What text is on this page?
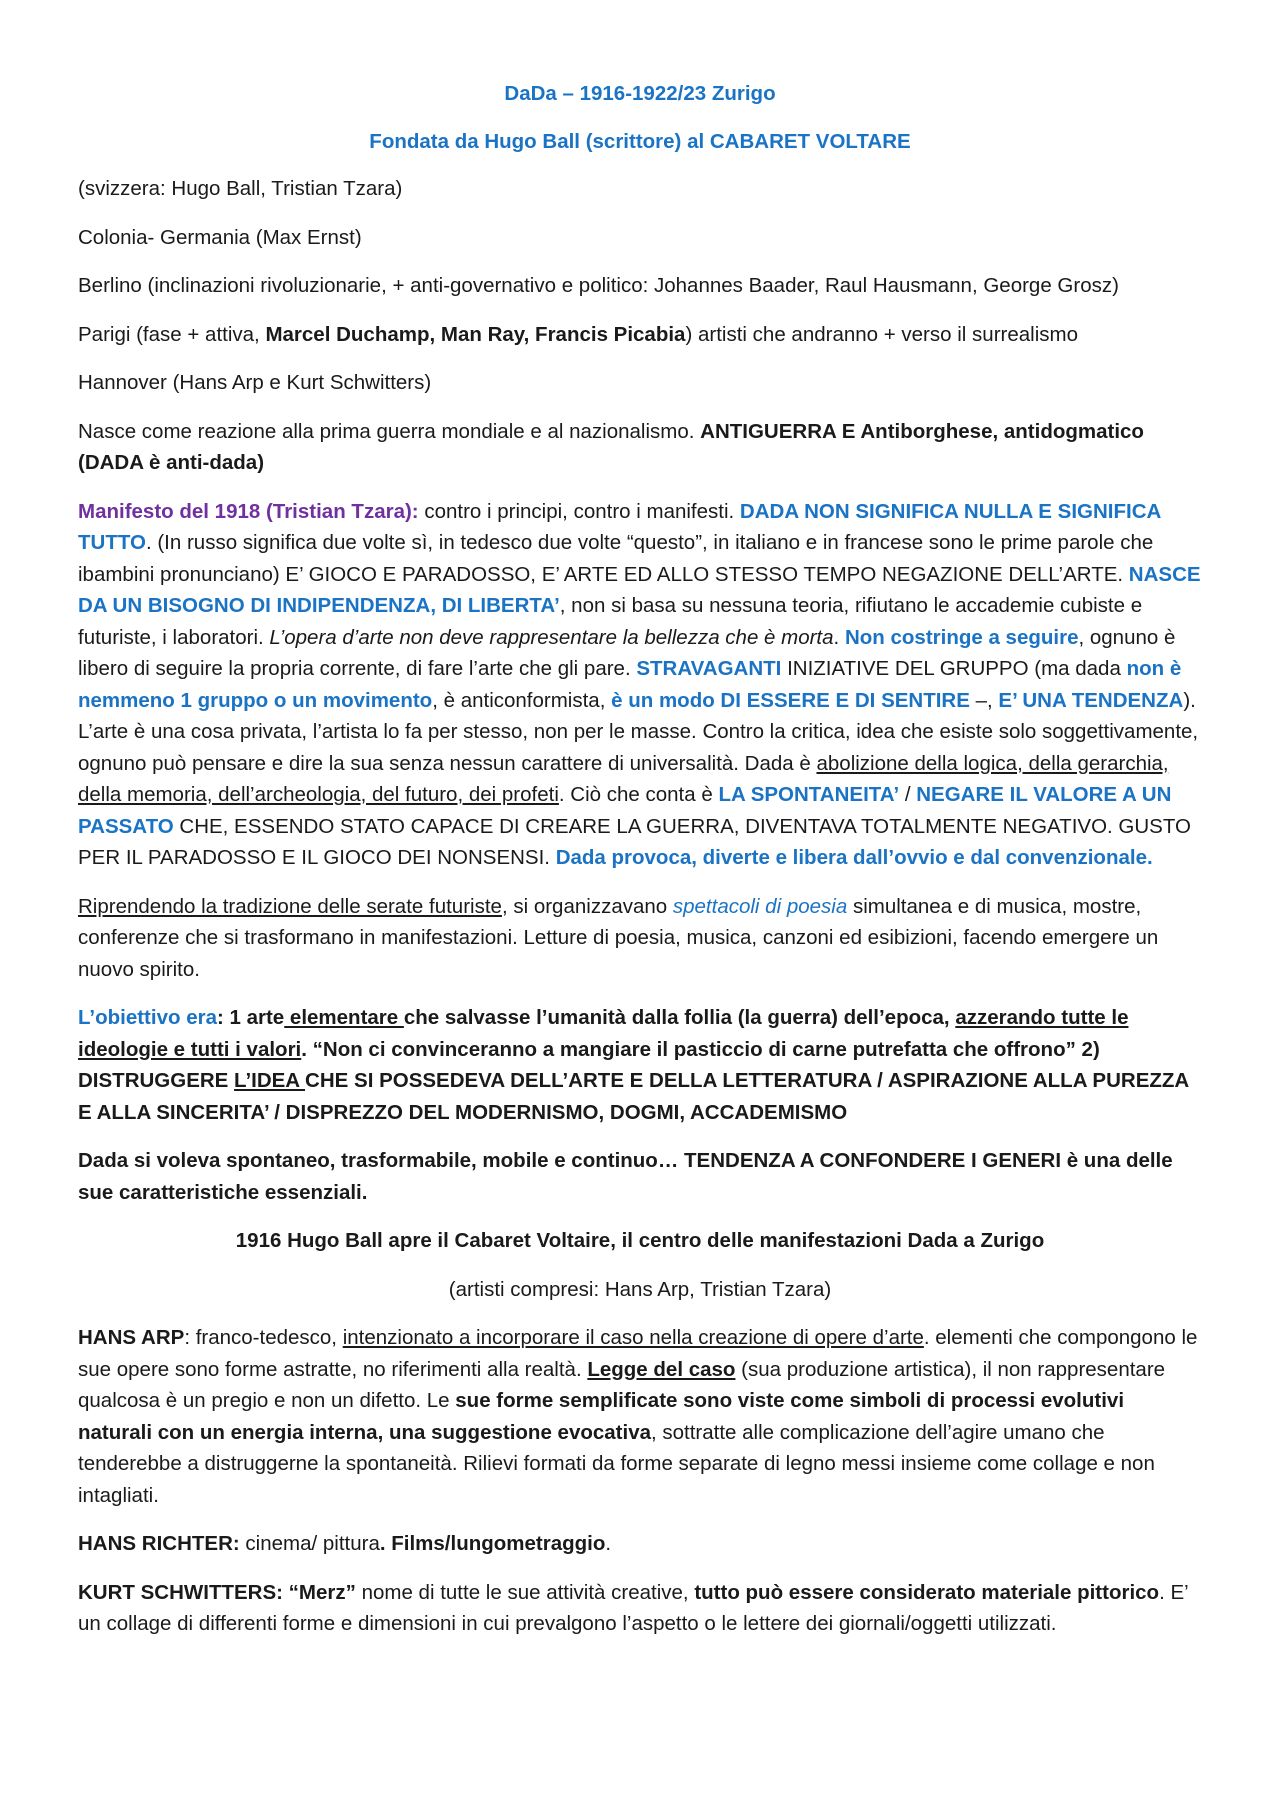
DaDa – 1916-1922/23 Zurigo

Fondata da Hugo Ball (scrittore) al CABARET VOLTARE

(svizzera: Hugo Ball, Tristian Tzara)

Colonia- Germania (Max Ernst)

Berlino (inclinazioni rivoluzionarie, + anti-governativo e politico: Johannes Baader, Raul Hausmann, George Grosz)

Parigi (fase + attiva, Marcel Duchamp, Man Ray, Francis Picabia) artisti che andranno + verso il surrealismo

Hannover (Hans Arp e Kurt Schwitters)

Nasce come reazione alla prima guerra mondiale e al nazionalismo. ANTIGUERRA E Antiborghese, antidogmatico (DADA è anti-dada)

Manifesto del 1918 (Tristian Tzara): contro i principi, contro i manifesti. DADA NON SIGNIFICA NULLA E SIGNIFICA TUTTO. (In russo significa due volte sì, in tedesco due volte “questo”, in italiano e in francese sono le prime parole che ibambini pronunciano) E’ GIOCO E PARADOSSO, E’ ARTE ED ALLO STESSO TEMPO NEGAZIONE DELL’ARTE. NASCE DA UN BISOGNO DI INDIPENDENZA, DI LIBERTA’, non si basa su nessuna teoria, rifiutano le accademie cubiste e futuriste, i laboratori. L’opera d’arte non deve rappresentare la bellezza che è morta. Non costringe a seguire, ognuno è libero di seguire la propria corrente, di fare l’arte che gli pare. STRAVAGANTI INIZIATIVE DEL GRUPPO (ma dada non è nemmeno 1 gruppo o un movimento, è anticonformista, è un modo DI ESSERE E DI SENTIRE –, E’ UNA TENDENZA). L’arte è una cosa privata, l’artista lo fa per stesso, non per le masse. Contro la critica, idea che esiste solo soggettivamente, ognuno può pensare e dire la sua senza nessun carattere di universalità. Dada è abolizione della logica, della gerarchia, della memoria, dell’archeologia, del futuro, dei profeti. Ciò che conta è LA SPONTANEITA’ / NEGARE IL VALORE A UN PASSATO CHE, ESSENDO STATO CAPACE DI CREARE LA GUERRA, DIVENTAVA TOTALMENTE NEGATIVO. GUSTO PER IL PARADOSSO E IL GIOCO DEI NONSENSI. Dada provoca, diverte e libera dall’ovvio e dal convenzionale.

Riprendendo la tradizione delle serate futuriste, si organizzavano spettacoli di poesia simultanea e di musica, mostre, conferenze che si trasformano in manifestazioni. Letture di poesia, musica, canzoni ed esibizioni, facendo emergere un nuovo spirito.

L’obiettivo era: 1 arte elementare che salvasse l’umanità dalla follia (la guerra) dell’epoca, azzerando tutte le ideologie e tutti i valori. “Non ci convinceranno a mangiare il pasticcio di carne putrefatta che offrono” 2) DISTRUGGERE L’IDEA CHE SI POSSEDEVA DELL’ARTE E DELLA LETTERATURA / ASPIRAZIONE ALLA PUREZZA E ALLA SINCERITA’ / DISPREZZO DEL MODERNISMO, DOGMI, ACCADEMISMO

Dada si voleva spontaneo, trasformabile, mobile e continuo… TENDENZA A CONFONDERE I GENERI è una delle sue caratteristiche essenziali.

1916 Hugo Ball apre il Cabaret Voltaire, il centro delle manifestazioni Dada a Zurigo

(artisti compresi: Hans Arp, Tristian Tzara)

HANS ARP: franco-tedesco, intenzionato a incorporare il caso nella creazione di opere d’arte. elementi che compongono le sue opere sono forme astratte, no riferimenti alla realtà. Legge del caso (sua produzione artistica), il non rappresentare qualcosa è un pregio e non un difetto. Le sue forme semplificate sono viste come simboli di processi evolutivi naturali con un energia interna, una suggestione evocativa, sottratte alle complicazione dell’agire umano che tenderebbe a distruggerne la spontaneità. Rilievi formati da forme separate di legno messi insieme come collage e non intagliati.

HANS RICHTER: cinema/ pittura. Films/lungometraggio.

KURT SCHWITTERS: “Merz” nome di tutte le sue attività creative, tutto può essere considerato materiale pittorico. E’ un collage di differenti forme e dimensioni in cui prevalgono l’aspetto o le lettere dei giornali/oggetti utilizzati.
